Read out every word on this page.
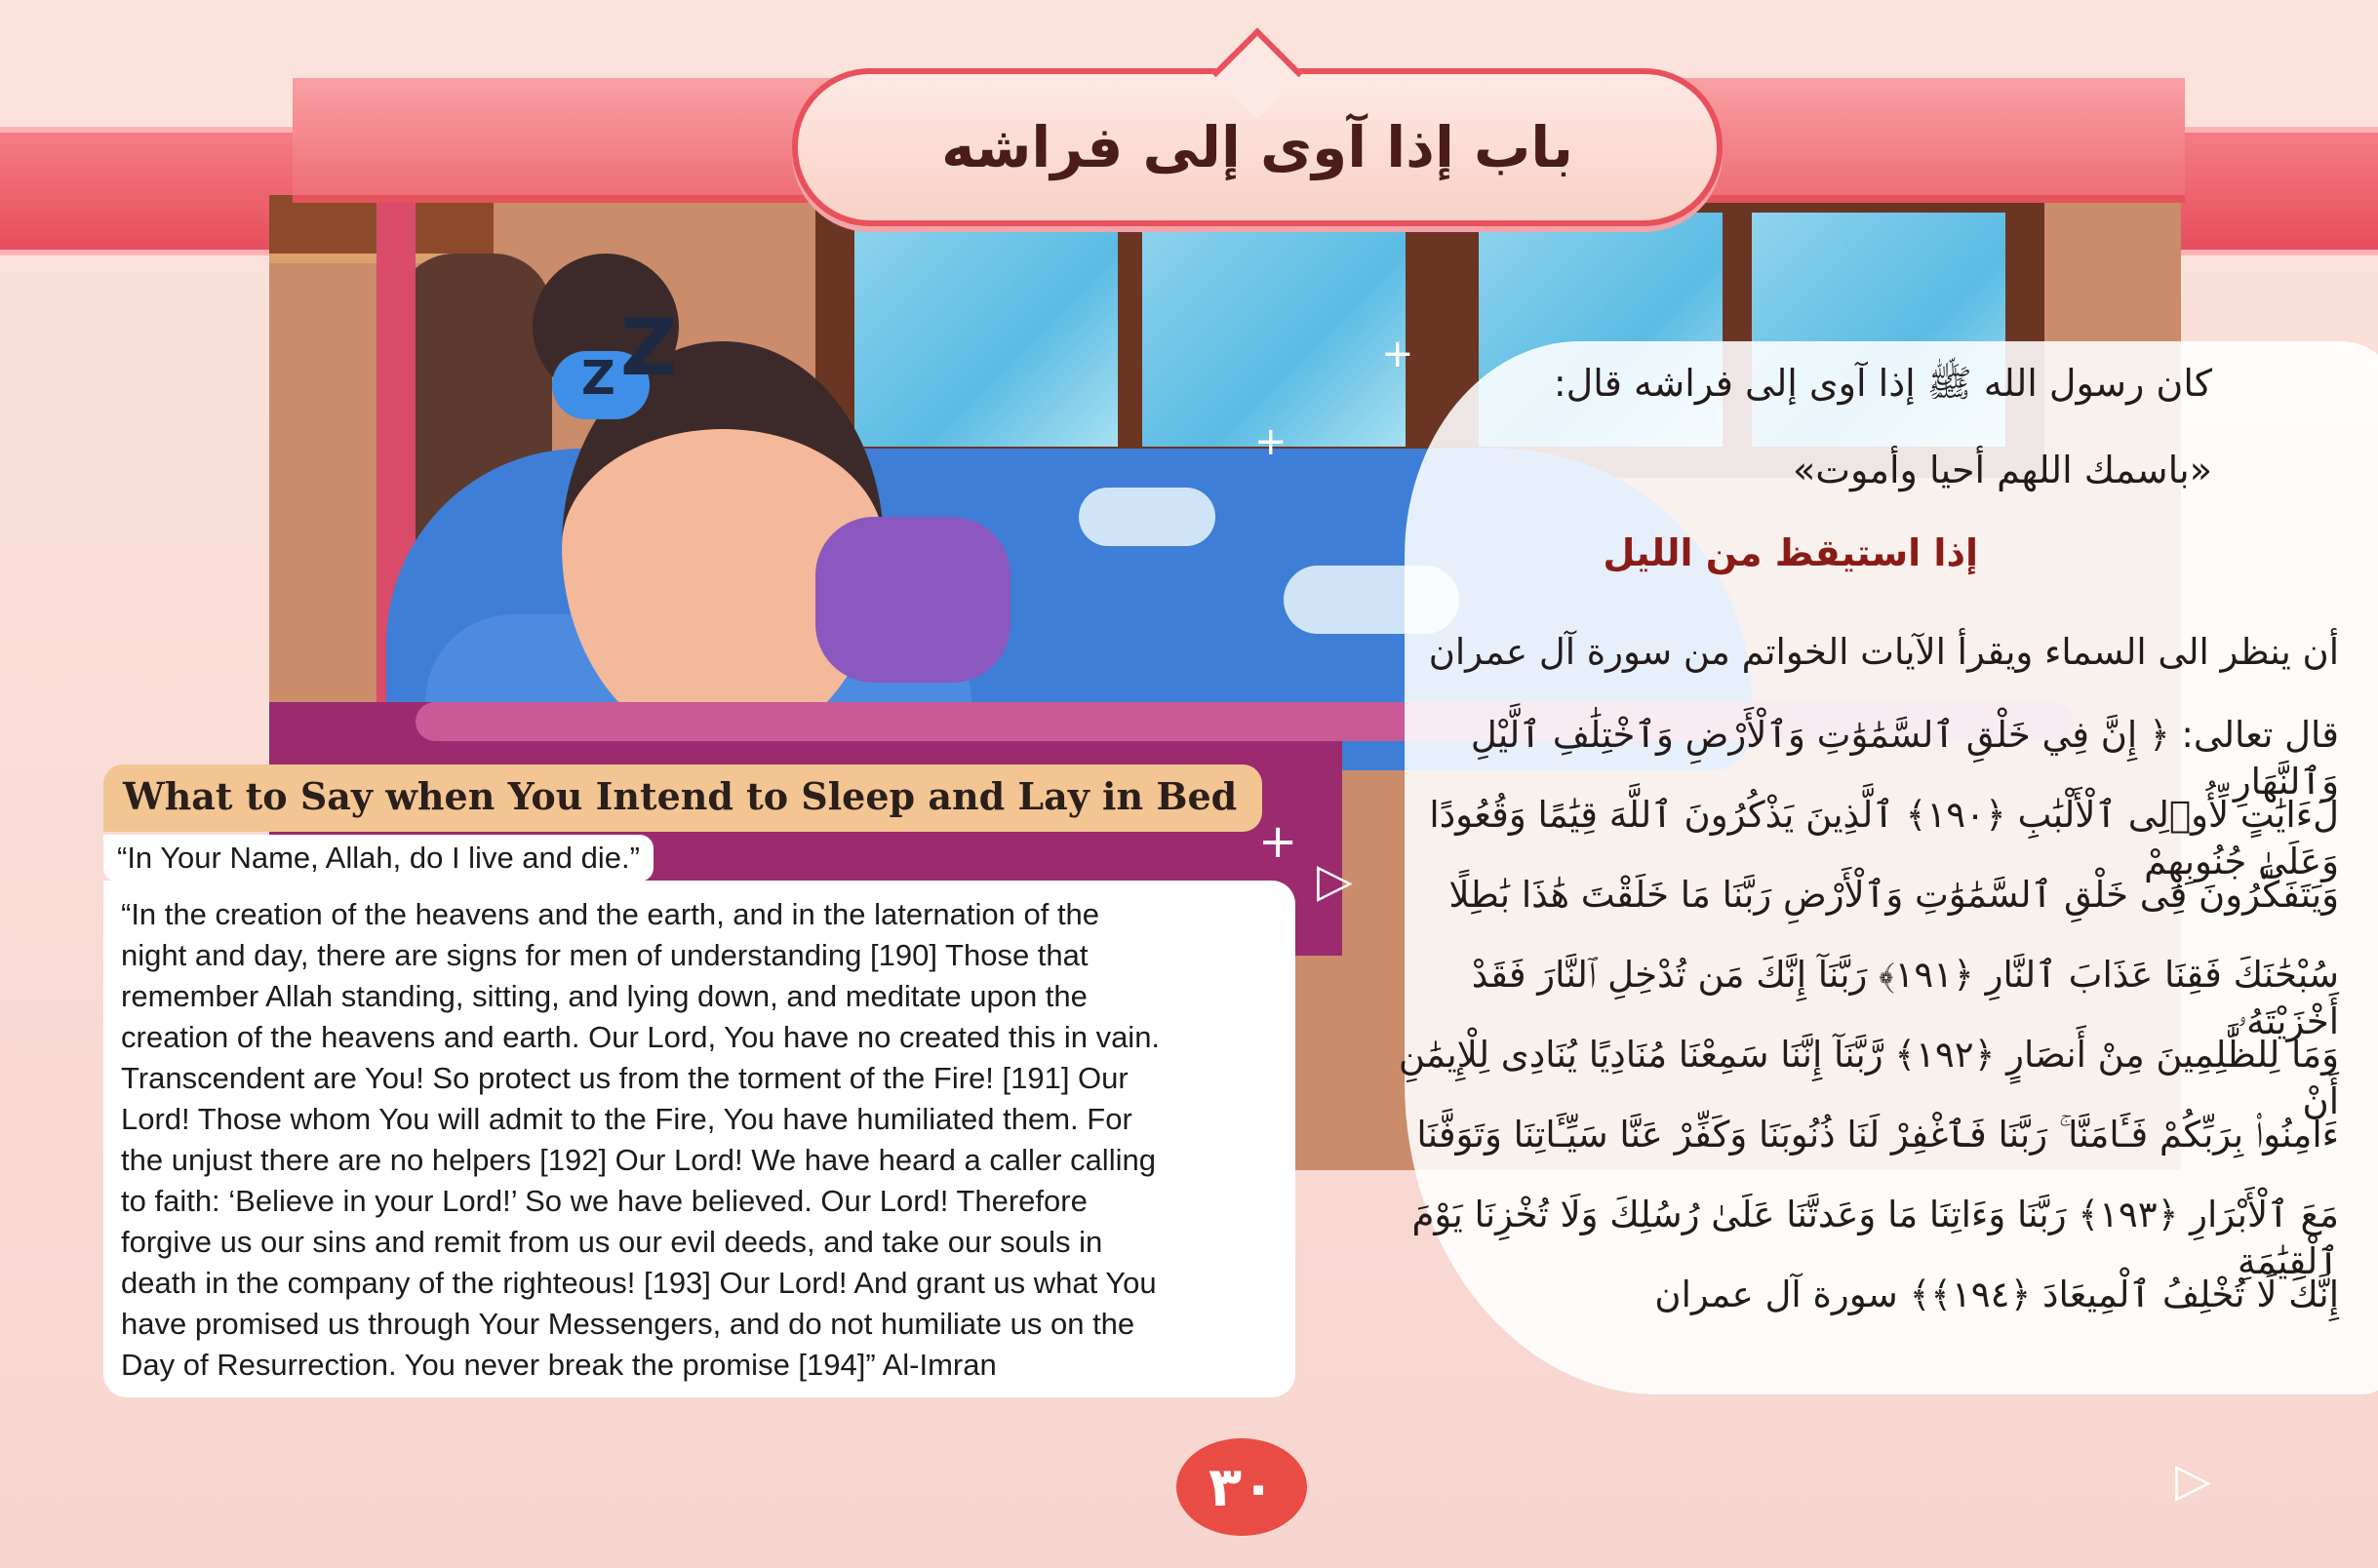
Z
Z	+
+
باب إذا آوى إلى فراشه
كان رسول الله ﷺ إذا آوى إلى فراشه قال:
«باسمك اللهم أحيا وأموت»
إذا استيقظ من الليل
أن ينظر الى السماء ويقرأ الآيات الخواتم من سورة آل عمران
قال تعالى: ﴿ إِنَّ فِي خَلْقِ ٱلسَّمَٰوَٰتِ وَٱلْأَرْضِ وَٱخْتِلَٰفِ ٱلَّيْلِ وَٱلنَّهَارِ
لَءَايَٰتٍ لِّأُو۟لِى ٱلْأَلْبَٰبِ ﴿١٩٠﴾ ٱلَّذِينَ يَذْكُرُونَ ٱللَّهَ قِيَٰمًا وَقُعُودًا وَعَلَىٰ جُنُوبِهِمْ
وَيَتَفَكَّرُونَ فِى خَلْقِ ٱلسَّمَٰوَٰتِ وَٱلْأَرْضِ رَبَّنَا مَا خَلَقْتَ هَٰذَا بَٰطِلًا
سُبْحَٰنَكَ فَقِنَا عَذَابَ ٱلنَّارِ ﴿١٩١﴾ رَبَّنَآ إِنَّكَ مَن تُدْخِلِ ٱلنَّارَ فَقَدْ أَخْزَيْتَهُۥ
وَمَا لِلظَّٰلِمِينَ مِنْ أَنصَارٍ ﴿١٩٢﴾ رَّبَّنَآ إِنَّنَا سَمِعْنَا مُنَادِيًا يُنَادِى لِلْإِيمَٰنِ أَنْ
ءَامِنُوا۟ بِرَبِّكُمْ فَـَٔامَنَّا ۚ رَبَّنَا فَٱغْفِرْ لَنَا ذُنُوبَنَا وَكَفِّرْ عَنَّا سَيِّـَٔاتِنَا وَتَوَفَّنَا
مَعَ ٱلْأَبْرَارِ ﴿١٩٣﴾ رَبَّنَا وَءَاتِنَا مَا وَعَدتَّنَا عَلَىٰ رُسُلِكَ وَلَا تُخْزِنَا يَوْمَ ٱلْقِيَٰمَةِ
إِنَّكَ لَا تُخْلِفُ ٱلْمِيعَادَ ﴿١٩٤﴾﴾ سورة آل عمران
What to Say when You Intend to Sleep and Lay in Bed
“In Your Name, Allah, do I live and die.”
“In the creation of the heavens and the earth, and in the laternation of the
night and day, there are signs for men of understanding [190] Those that
remember Allah standing, sitting, and lying down, and meditate upon the
creation of the heavens and earth. Our Lord, You have no created this in vain.
Transcendent are You! So protect us from the torment of the Fire! [191] Our
Lord! Those whom You will admit to the Fire, You have humiliated them. For
the unjust there are no helpers [192] Our Lord! We have heard a caller calling
to faith: ‘Believe in your Lord!’ So we have believed. Our Lord! Therefore
forgive us our sins and remit from us our evil deeds, and take our souls in
death in the company of the righteous! [193] Our Lord! And grant us what You
have promised us through Your Messengers, and do not humiliate us on the
Day of Resurrection. You never break the promise [194]” Al-Imran
+
▷
▷
٣٠
